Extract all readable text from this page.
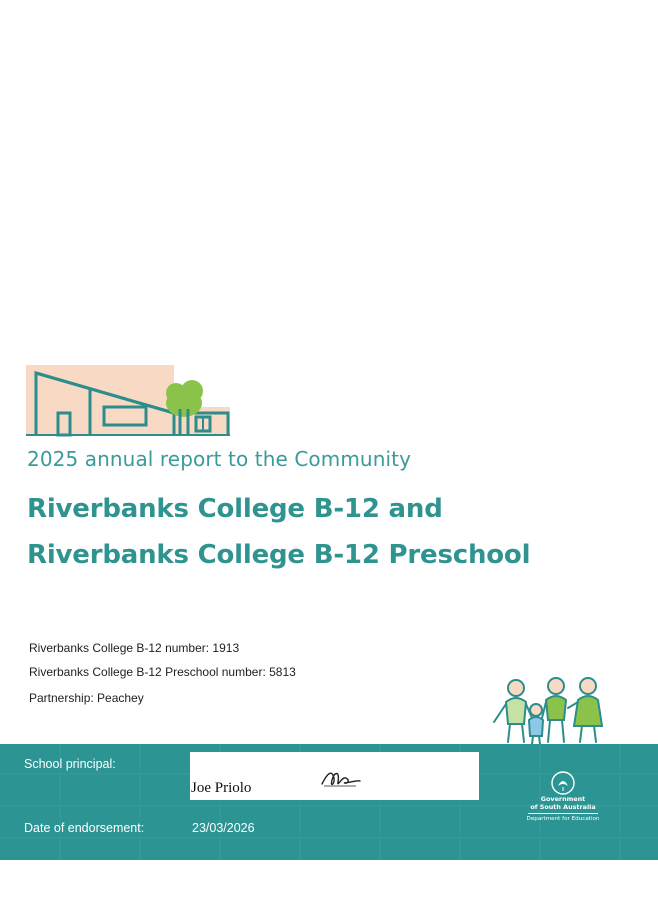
2025 annual report to the Community
Riverbanks College B-12 and
Riverbanks College B-12 Preschool

Riverbanks College B-12 number: 1913

Riverbanks College B-12 Preschool number: 5813

Partnership: Peachey

School principal:

Joe Priolo

Date of endorsement:	23/03/2026

Government
of South Australia
Department for Education
